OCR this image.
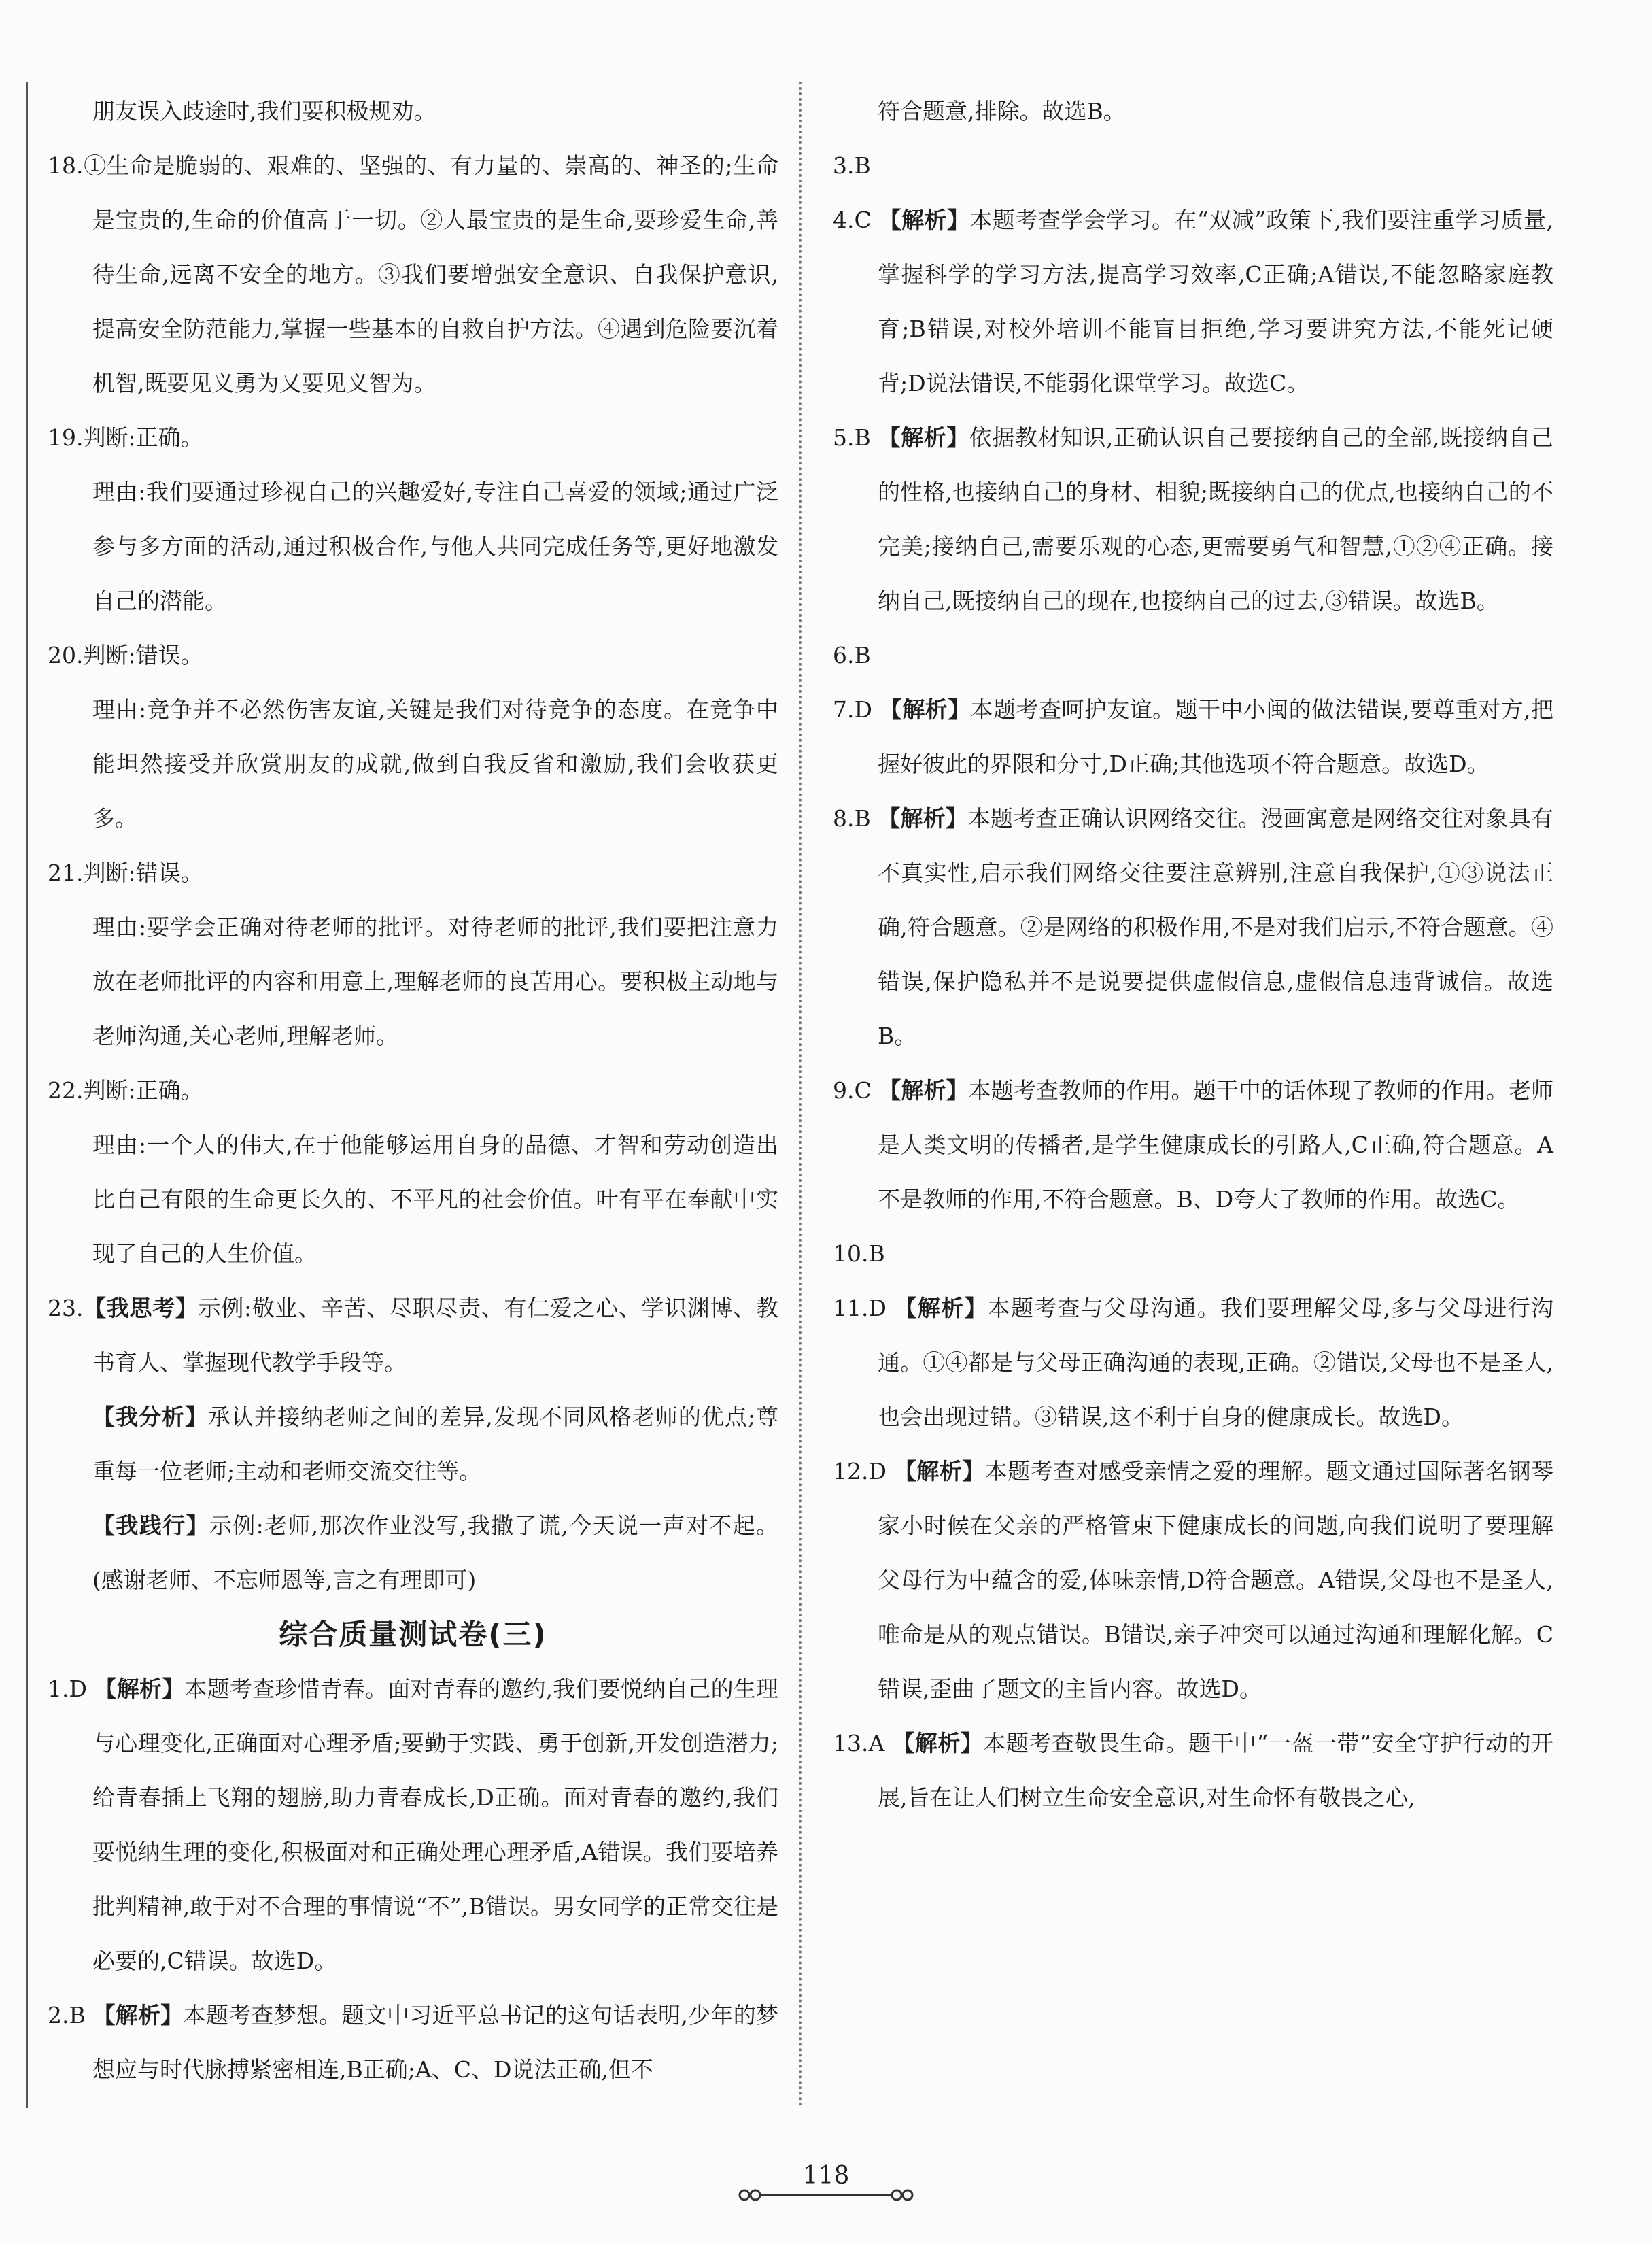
朋友误入歧途时,我们要积极规劝。

18.①生命是脆弱的、艰难的、坚强的、有力量的、崇高的、神圣的;生命是宝贵的,生命的价值高于一切。②人最宝贵的是生命,要珍爱生命,善待生命,远离不安全的地方。③我们要增强安全意识、自我保护意识,提高安全防范能力,掌握一些基本的自救自护方法。④遇到危险要沉着机智,既要见义勇为又要见义智为。

19.判断:正确。

理由:我们要通过珍视自己的兴趣爱好,专注自己喜爱的领域;通过广泛参与多方面的活动,通过积极合作,与他人共同完成任务等,更好地激发自己的潜能。

20.判断:错误。

理由:竞争并不必然伤害友谊,关键是我们对待竞争的态度。在竞争中能坦然接受并欣赏朋友的成就,做到自我反省和激励,我们会收获更多。

21.判断:错误。

理由:要学会正确对待老师的批评。对待老师的批评,我们要把注意力放在老师批评的内容和用意上,理解老师的良苦用心。要积极主动地与老师沟通,关心老师,理解老师。

22.判断:正确。

理由:一个人的伟大,在于他能够运用自身的品德、才智和劳动创造出比自己有限的生命更长久的、不平凡的社会价值。叶有平在奉献中实现了自己的人生价值。

23.【我思考】示例:敬业、辛苦、尽职尽责、有仁爱之心、学识渊博、教书育人、掌握现代教学手段等。

【我分析】承认并接纳老师之间的差异,发现不同风格老师的优点;尊重每一位老师;主动和老师交流交往等。

【我践行】示例:老师,那次作业没写,我撒了谎,今天说一声对不起。(感谢老师、不忘师恩等,言之有理即可)

综合质量测试卷(三)

1.D 【解析】本题考查珍惜青春。面对青春的邀约,我们要悦纳自己的生理与心理变化,正确面对心理矛盾;要勤于实践、勇于创新,开发创造潜力;给青春插上飞翔的翅膀,助力青春成长,D正确。面对青春的邀约,我们要悦纳生理的变化,积极面对和正确处理心理矛盾,A错误。我们要培养批判精神,敢于对不合理的事情说“不”,B错误。男女同学的正常交往是必要的,C错误。故选D。

2.B 【解析】本题考查梦想。题文中习近平总书记的这句话表明,少年的梦想应与时代脉搏紧密相连,B正确;A、C、D说法正确,但不

符合题意,排除。故选B。

3.B

4.C 【解析】本题考查学会学习。在“双减”政策下,我们要注重学习质量,掌握科学的学习方法,提高学习效率,C正确;A错误,不能忽略家庭教育;B错误,对校外培训不能盲目拒绝,学习要讲究方法,不能死记硬背;D说法错误,不能弱化课堂学习。故选C。

5.B 【解析】依据教材知识,正确认识自己要接纳自己的全部,既接纳自己的性格,也接纳自己的身材、相貌;既接纳自己的优点,也接纳自己的不完美;接纳自己,需要乐观的心态,更需要勇气和智慧,①②④正确。接纳自己,既接纳自己的现在,也接纳自己的过去,③错误。故选B。

6.B

7.D 【解析】本题考查呵护友谊。题干中小闽的做法错误,要尊重对方,把握好彼此的界限和分寸,D正确;其他选项不符合题意。故选D。

8.B 【解析】本题考查正确认识网络交往。漫画寓意是网络交往对象具有不真实性,启示我们网络交往要注意辨别,注意自我保护,①③说法正确,符合题意。②是网络的积极作用,不是对我们启示,不符合题意。④错误,保护隐私并不是说要提供虚假信息,虚假信息违背诚信。故选B。

9.C 【解析】本题考查教师的作用。题干中的话体现了教师的作用。老师是人类文明的传播者,是学生健康成长的引路人,C正确,符合题意。A不是教师的作用,不符合题意。B、D夸大了教师的作用。故选C。

10.B

11.D 【解析】本题考查与父母沟通。我们要理解父母,多与父母进行沟通。①④都是与父母正确沟通的表现,正确。②错误,父母也不是圣人,也会出现过错。③错误,这不利于自身的健康成长。故选D。

12.D 【解析】本题考查对感受亲情之爱的理解。题文通过国际著名钢琴家小时候在父亲的严格管束下健康成长的问题,向我们说明了要理解父母行为中蕴含的爱,体味亲情,D符合题意。A错误,父母也不是圣人,唯命是从的观点错误。B错误,亲子冲突可以通过沟通和理解化解。C错误,歪曲了题文的主旨内容。故选D。

13.A 【解析】本题考查敬畏生命。题干中“一盔一带”安全守护行动的开展,旨在让人们树立生命安全意识,对生命怀有敬畏之心,

118
